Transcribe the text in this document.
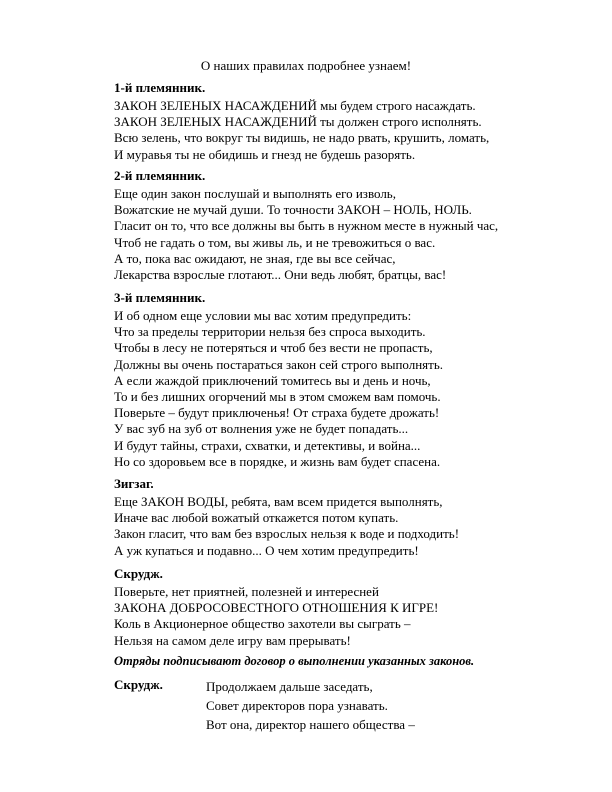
О наших правилах подробнее узнаем!
1-й племянник.
ЗАКОН ЗЕЛЕНЫХ НАСАЖДЕНИЙ мы будем строго насаждать.
ЗАКОН ЗЕЛЕНЫХ НАСАЖДЕНИЙ ты должен строго исполнять.
Всю зелень, что вокруг ты видишь, не надо рвать, крушить, ломать,
И муравья ты не обидишь и гнезд не будешь разорять.
2-й племянник.
Еще один закон послушай и выполнять его изволь,
Вожатские не мучай души. То точности ЗАКОН – НОЛЬ, НОЛЬ.
Гласит он то, что все должны вы быть в нужном месте в нужный час,
Чтоб не гадать о том, вы живы ль, и не тревожиться о вас.
А то, пока вас ожидают, не зная, где вы все сейчас,
Лекарства взрослые глотают... Они ведь любят, братцы, вас!
3-й племянник.
И об одном еще условии мы вас хотим предупредить:
Что за пределы территории нельзя без спроса выходить.
Чтобы в лесу не потеряться и чтоб без вести не пропасть,
Должны вы очень постараться закон сей строго выполнять.
А если жаждой приключений томитесь вы и день и ночь,
То и без лишних огорчений мы в этом сможем вам помочь.
Поверьте – будут приключенья! От страха будете дрожать!
У вас зуб на зуб от волнения уже не будет попадать...
И будут тайны, страхи, схватки, и детективы, и война...
Но со здоровьем все в порядке, и жизнь вам будет спасена.
Зигзаг.
Еще ЗАКОН ВОДЫ, ребята, вам всем придется выполнять,
Иначе вас любой вожатый откажется потом купать.
Закон гласит, что вам без взрослых нельзя к воде и подходить!
А уж купаться и подавно... О чем хотим предупредить!
Скрудж.
Поверьте, нет приятней, полезней и интересней
ЗАКОНА ДОБРОСОВЕСТНОГО ОТНОШЕНИЯ К ИГРЕ!
Коль в Акционерное общество захотели вы сыграть –
Нельзя на самом деле игру вам прерывать!
Отряды подписывают договор о выполнении указанных законов.
Скрудж.	Продолжаем дальше заседать,
Совет директоров пора узнавать.
Вот она, директор нашего общества –
